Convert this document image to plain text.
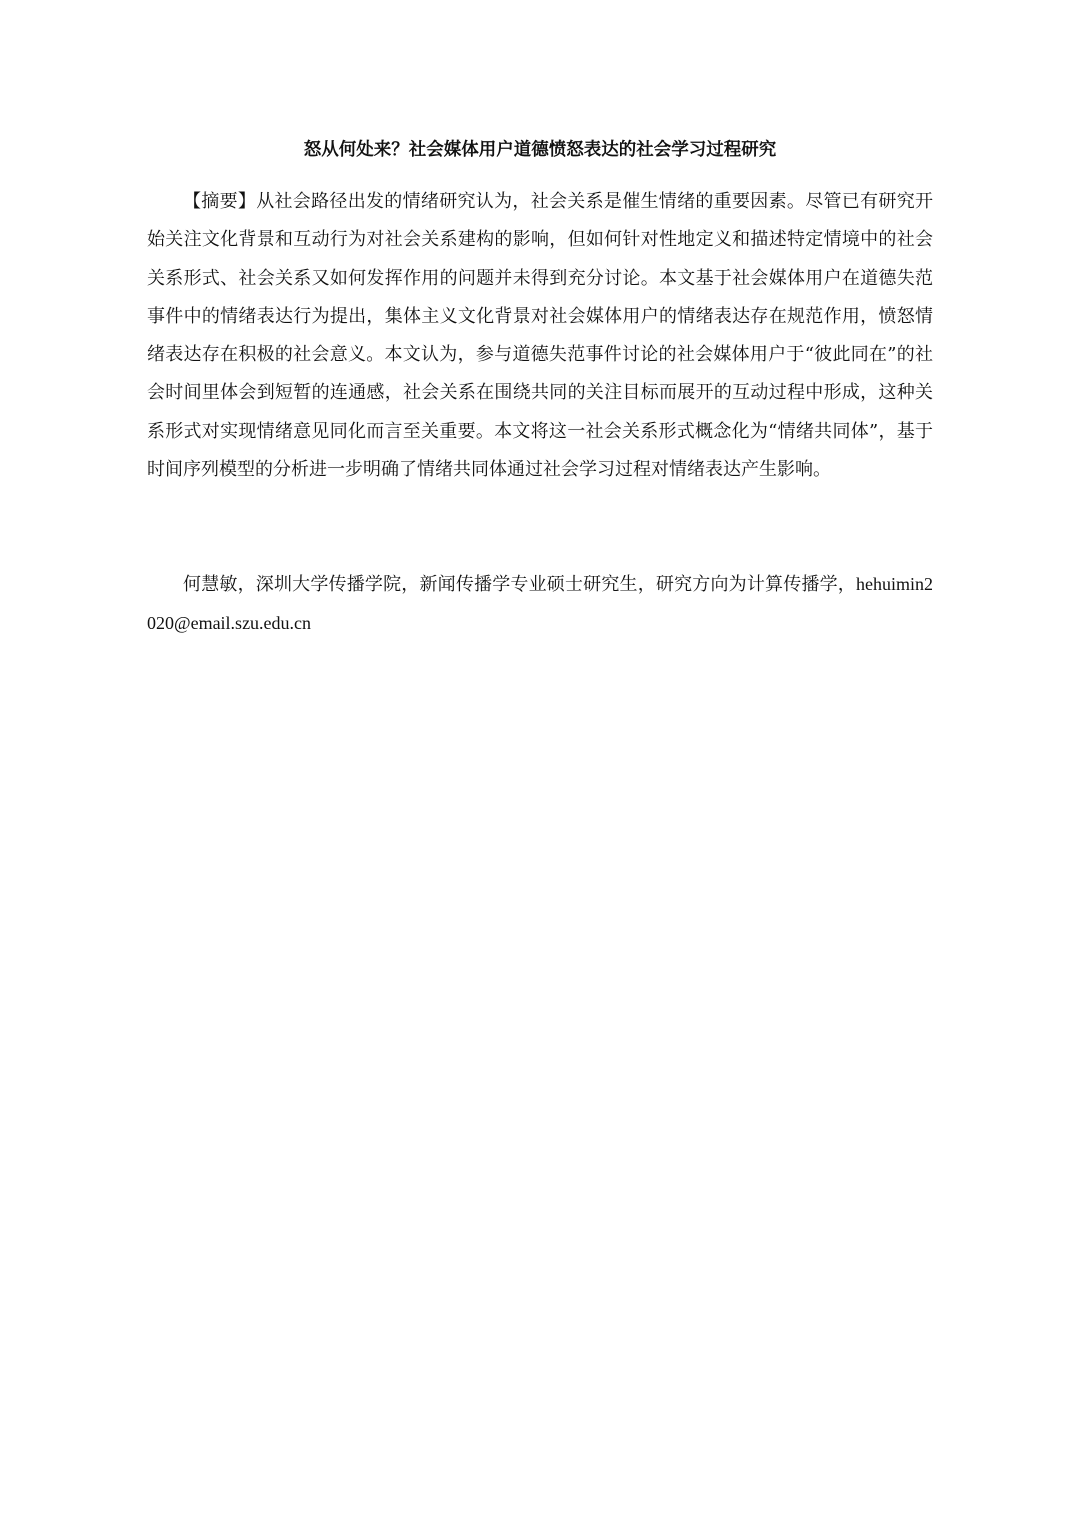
怒从何处来？社会媒体用户道德愤怒表达的社会学习过程研究

【摘要】从社会路径出发的情绪研究认为，社会关系是催生情绪的重要因素。尽管已有研究开始关注文化背景和互动行为对社会关系建构的影响，但如何针对性地定义和描述特定情境中的社会关系形式、社会关系又如何发挥作用的问题并未得到充分讨论。本文基于社会媒体用户在道德失范事件中的情绪表达行为提出，集体主义文化背景对社会媒体用户的情绪表达存在规范作用，愤怒情绪表达存在积极的社会意义。本文认为，参与道德失范事件讨论的社会媒体用户于“彼此同在”的社会时间里体会到短暂的连通感，社会关系在围绕共同的关注目标而展开的互动过程中形成，这种关系形式对实现情绪意见同化而言至关重要。本文将这一社会关系形式概念化为“情绪共同体”，基于时间序列模型的分析进一步明确了情绪共同体通过社会学习过程对情绪表达产生影响。

何慧敏，深圳大学传播学院，新闻传播学专业硕士研究生，研究方向为计算传播学，hehuimin2020@email.szu.edu.cn
